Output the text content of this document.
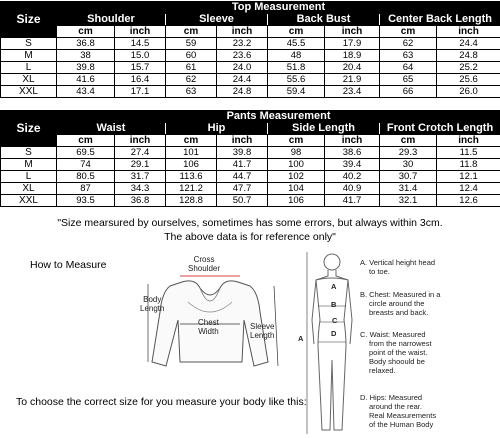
Size	Top Measurement							
	Shoulder		Sleeve		Back Bust		Center Back Length	
	cm	inch	cm	inch	cm	inch	cm	inch
S	36.8	14.5	59	23.2	45.5	17.9	62	24.4
M	38	15.0	60	23.6	48	18.9	63	24.8
L	39.8	15.7	61	24.0	51.8	20.4	64	25.2
XL	41.6	16.4	62	24.4	55.6	21.9	65	25.6
XXL	43.4	17.1	63	24.8	59.4	23.4	66	26.0
Size	Pants Measurement							
	Waist		Hip		Side Length		Front Crotch Length	
	cm	inch	cm	inch	cm	inch	cm	inch
S	69.5	27.4	101	39.8	98	38.6	29.3	11.5
M	74	29.1	106	41.7	100	39.4	30	11.8
L	80.5	31.7	113.6	44.7	102	40.2	30.7	12.1
XL	87	34.3	121.2	47.7	104	40.9	31.4	12.4
XXL	93.5	36.8	128.8	50.7	106	41.7	32.1	12.6
"Size mearsured by ourselves, sometimes has some errors, but always within 3cm.
The above data is for reference only"
How to Measure	Cross
Shoulder
Body
Length
Chest
Width
Sleeve
Length
To choose the correct size for you measure your body like this:
A
B
C
D
A
A. Vertical height head
to toe.
B. Chest: Measured in a
circle around the
breasts and back.
C. Waist: Measured
from the narrowest
point of the waist.
Body shoould be
relaxed.
D. Hips: Measured
around the rear.
Real Measurements
of the Human Body
